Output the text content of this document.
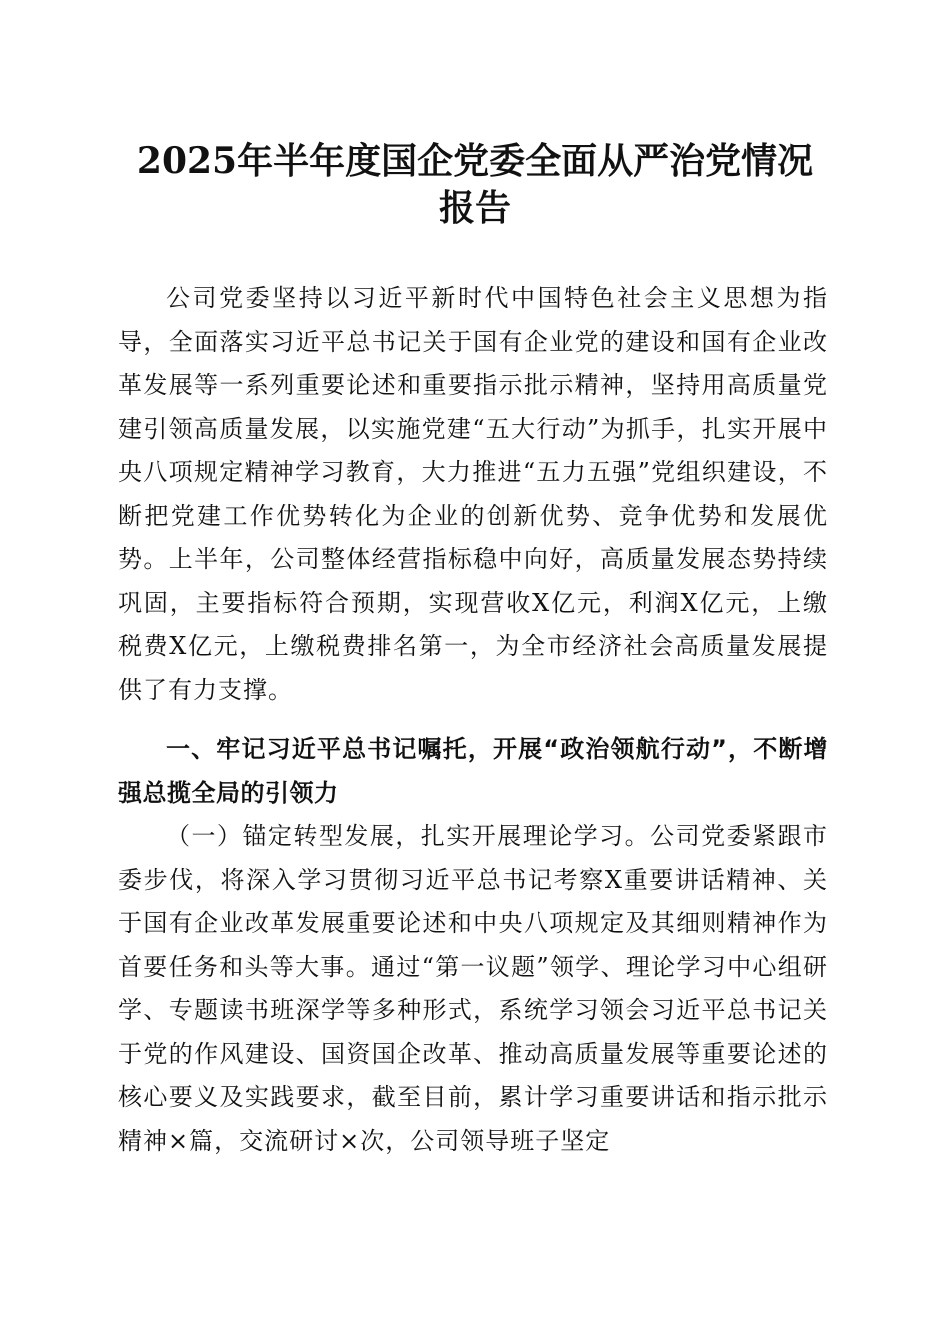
2025年半年度国企党委全面从严治党情况报告

公司党委坚持以习近平新时代中国特色社会主义思想为指导，全面落实习近平总书记关于国有企业党的建设和国有企业改革发展等一系列重要论述和重要指示批示精神，坚持用高质量党建引领高质量发展，以实施党建“五大行动”为抓手，扎实开展中央八项规定精神学习教育，大力推进“五力五强”党组织建设，不断把党建工作优势转化为企业的创新优势、竞争优势和发展优势。上半年，公司整体经营指标稳中向好，高质量发展态势持续巩固，主要指标符合预期，实现营收X亿元，利润X亿元，上缴税费X亿元，上缴税费排名第一，为全市经济社会高质量发展提供了有力支撑。

一、牢记习近平总书记嘱托，开展“政治领航行动”，不断增强总揽全局的引领力

（一）锚定转型发展，扎实开展理论学习。公司党委紧跟市委步伐，将深入学习贯彻习近平总书记考察X重要讲话精神、关于国有企业改革发展重要论述和中央八项规定及其细则精神作为首要任务和头等大事。通过“第一议题”领学、理论学习中心组研学、专题读书班深学等多种形式，系统学习领会习近平总书记关于党的作风建设、国资国企改革、推动高质量发展等重要论述的核心要义及实践要求，截至目前，累计学习重要讲话和指示批示精神×篇，交流研讨×次，公司领导班子坚定
